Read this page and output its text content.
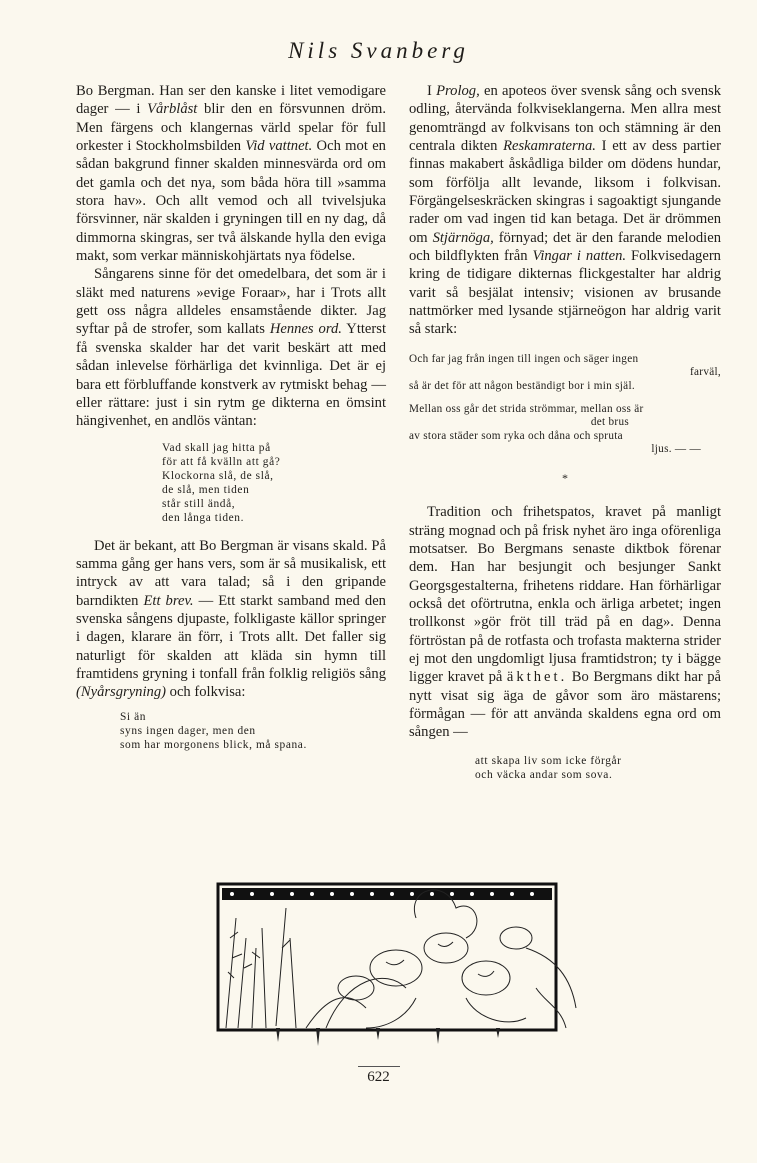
Nils Svanberg

Bo Bergman. Han ser den kanske i litet vemodigare dager — i Vårblåst blir den en försvunnen dröm. Men färgens och klangernas värld spelar för full orkester i Stockholmsbilden Vid vattnet. Och mot en sådan bakgrund finner skalden minnesvärda ord om det gamla och det nya, som båda höra till »samma stora hav». Och allt vemod och all tvivelsjuka försvinner, när skalden i gryningen till en ny dag, då dimmorna skingras, ser två älskande hylla den eviga makt, som verkar människohjärtats nya födelse.

Sångarens sinne för det omedelbara, det som är i släkt med naturens »evige Foraar», har i Trots allt gett oss några alldeles ensamstående dikter. Jag syftar på de strofer, som kallats Hennes ord. Ytterst få svenska skalder har det varit beskärt att med sådan inlevelse förhärliga det kvinnliga. Det är ej bara ett förbluffande konstverk av rytmiskt behag — eller rättare: just i sin rytm ge dikterna en ömsint hängivenhet, en andlös väntan:

Vad skall jag hitta på
för att få kvälln att gå?
Klockorna slå, de slå,
de slå, men tiden
står still ändå,
den långa tiden.

Det är bekant, att Bo Bergman är visans skald. På samma gång ger hans vers, som är så musikalisk, ett intryck av att vara talad; så i den gripande barndikten Ett brev. — Ett starkt samband med den svenska sångens djupaste, folkligaste källor springer i dagen, klarare än förr, i Trots allt. Det faller sig naturligt för skalden att kläda sin hymn till framtidens gryning i tonfall från folklig religiös sång (Nyårsgryning) och folkvisa:

Si än
syns ingen dager, men den
som har morgonens blick, må spana.

I Prolog, en apoteos över svensk sång och svensk odling, återvända folkviseklangerna. Men allra mest genomträngd av folkvisans ton och stämning är den centrala dikten Reskamraterna. I ett av dess partier finnas makabert åskådliga bilder om dödens hundar, som förfölja allt levande, liksom i folkvisan. Förgängelseskräcken skingras i sagoaktigt sjungande rader om vad ingen tid kan betaga. Det är drömmen om Stjärnöga, förnyad; det är den farande melodien och bildflykten från Vingar i natten. Folkvisedagern kring de tidigare dikternas flickgestalter har aldrig varit så besjälat intensiv; visionen av brusande nattmörker med lysande stjärneögon har aldrig varit så stark:

Och far jag från ingen till ingen och säger ingen
farväl,
så är det för att någon beständigt bor i min själ.
Mellan oss går det strida strömmar, mellan oss är
det brus
av stora städer som ryka och dåna och spruta
ljus. — —
*

Tradition och frihetspatos, kravet på manligt sträng mognad och på frisk nyhet äro inga oförenliga motsatser. Bo Bergmans senaste diktbok förenar dem. Han har besjungit och besjunger Sankt Georgsgestalterna, frihetens riddare. Han förhärligar också det oförtrutna, enkla och ärliga arbetet; ingen trollkonst »gör fröt till träd på en dag». Denna förtröstan på de rotfasta och trofasta makterna strider ej mot den ungdomligt ljusa framtidstron; ty i bägge ligger kravet på äkthet. Bo Bergmans dikt har på nytt visat sig äga de gåvor som äro mästarens; förmågan — för att använda skaldens egna ord om sången —

att skapa liv som icke förgår
och väcka andar som sova.
622
